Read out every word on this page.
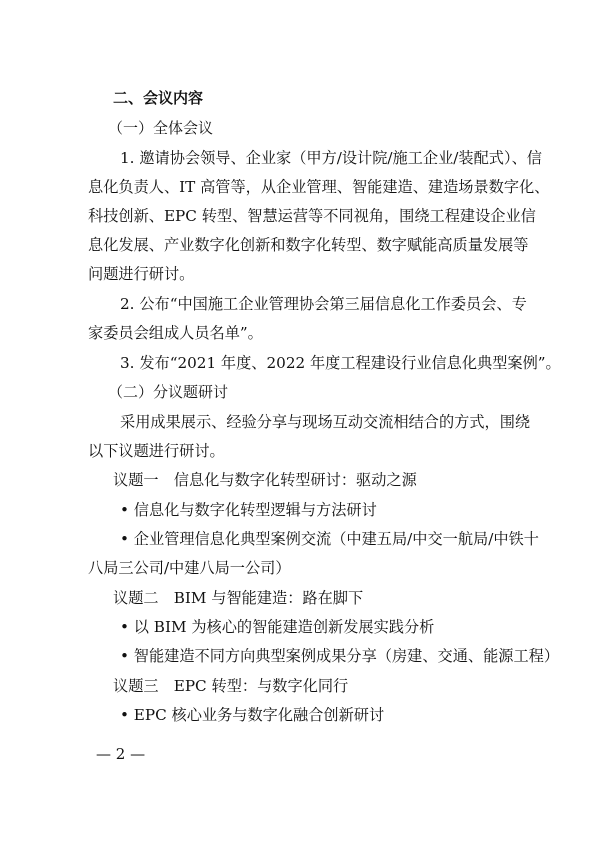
二、会议内容
（一）全体会议
1. 邀请协会领导、企业家（甲方/设计院/施工企业/装配式）、信
息化负责人、IT 高管等，从企业管理、智能建造、建造场景数字化、
科技创新、EPC 转型、智慧运营等不同视角，围绕工程建设企业信
息化发展、产业数字化创新和数字化转型、数字赋能高质量发展等
问题进行研讨。
2. 公布“中国施工企业管理协会第三届信息化工作委员会、专
家委员会组成人员名单”。
3. 发布“2021 年度、2022 年度工程建设行业信息化典型案例”。
（二）分议题研讨
采用成果展示、经验分享与现场互动交流相结合的方式，围绕
以下议题进行研讨。
议题一　信息化与数字化转型研讨：驱动之源
• 信息化与数字化转型逻辑与方法研讨
• 企业管理信息化典型案例交流（中建五局/中交一航局/中铁十
八局三公司/中建八局一公司）
议题二　BIM 与智能建造：路在脚下
• 以 BIM 为核心的智能建造创新发展实践分析
• 智能建造不同方向典型案例成果分享（房建、交通、能源工程）
议题三　EPC 转型：与数字化同行
• EPC 核心业务与数字化融合创新研讨
— 2 —
